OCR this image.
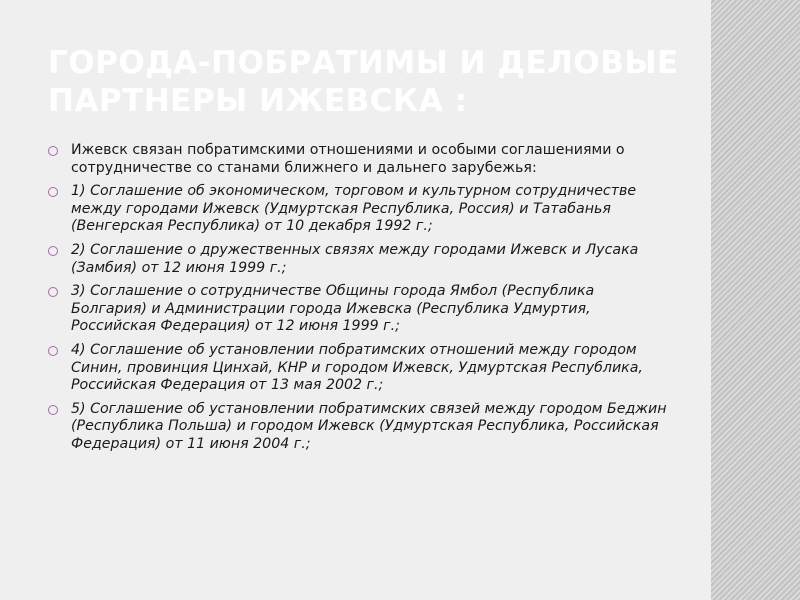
ГОРОДА-ПОБРАТИМЫ И ДЕЛОВЫЕ ПАРТНЕРЫ ИЖЕВСКА :
Ижевск связан побратимскими отношениями и особыми соглашениями о сотрудничестве со станами ближнего и дальнего зарубежья:
1) Соглашение об экономическом, торговом и культурном сотрудничестве между городами Ижевск (Удмуртская Республика, Россия) и Татабанья (Венгерская Республика) от 10 декабря 1992 г.;
2) Соглашение о дружественных связях между городами Ижевск и Лусака (Замбия) от 12 июня 1999 г.;
3) Соглашение о сотрудничестве Общины города Ямбол (Республика Болгария) и Администрации города Ижевска (Республика Удмуртия, Российская Федерация) от 12 июня 1999 г.;
4) Соглашение об установлении побратимских отношений между городом Синин, провинция Цинхай, КНР и городом Ижевск, Удмуртская Республика, Российская Федерация от 13 мая 2002 г.;
5) Соглашение об установлении побратимских связей между городом Беджин (Республика Польша) и городом Ижевск (Удмуртская Республика, Российская Федерация) от 11 июня 2004 г.;
